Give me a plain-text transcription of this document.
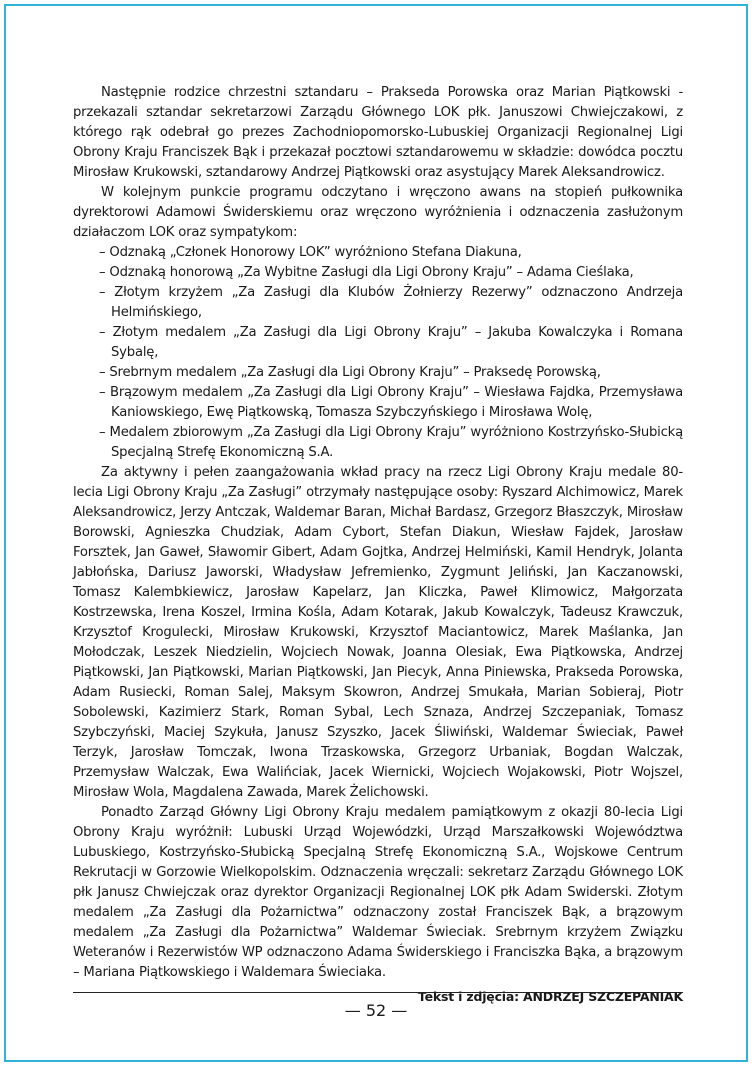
Następnie rodzice chrzestni sztandaru – Prakseda Porowska oraz Marian Piątkowski - przekazali sztandar sekretarzowi Zarządu Głównego LOK płk. Januszowi Chwiejczakowi, z którego rąk odebrał go prezes Zachodniopomorsko-Lubuskiej Organizacji Regionalnej Ligi Obrony Kraju Franciszek Bąk i przekazał pocztowi sztandarowemu w składzie: dowódca pocztu Mirosław Krukowski, sztandarowy Andrzej Piątkowski oraz asystujący Marek Aleksandrowicz.

W kolejnym punkcie programu odczytano i wręczono awans na stopień pułkownika dyrektorowi Adamowi Świderskiemu oraz wręczono wyróżnienia i odznaczenia zasłużonym działaczom LOK oraz sympatykom:

– Odznaką „Członek Honorowy LOK” wyróżniono Stefana Diakuna,
– Odznaką honorową „Za Wybitne Zasługi dla Ligi Obrony Kraju” – Adama Cieślaka,
– Złotym krzyżem „Za Zasługi dla Klubów Żołnierzy Rezerwy” odznaczono Andrzeja Helmińskiego,
– Złotym medalem „Za Zasługi dla Ligi Obrony Kraju” – Jakuba Kowalczyka i Romana Sybalę,
– Srebrnym medalem „Za Zasługi dla Ligi Obrony Kraju” – Praksedę Porowską,
– Brązowym medalem „Za Zasługi dla Ligi Obrony Kraju” – Wiesława Fajdka, Przemysława Kaniowskiego, Ewę Piątkowską, Tomasza Szybczyńskiego i Mirosława Wolę,
– Medalem zbiorowym „Za Zasługi dla Ligi Obrony Kraju” wyróżniono Kostrzyńsko-Słubicką Specjalną Strefę Ekonomiczną S.A.

Za aktywny i pełen zaangażowania wkład pracy na rzecz Ligi Obrony Kraju medale 80-lecia Ligi Obrony Kraju „Za Zasługi” otrzymały następujące osoby: Ryszard Alchimowicz, Marek Aleksandrowicz, Jerzy Antczak, Waldemar Baran, Michał Bardasz, Grzegorz Błaszczyk, Mirosław Borowski, Agnieszka Chudziak, Adam Cybort, Stefan Diakun, Wiesław Fajdek, Jarosław Forsztek, Jan Gaweł, Sławomir Gibert, Adam Gojtka, Andrzej Helmiński, Kamil Hendryk, Jolanta Jabłońska, Dariusz Jaworski, Władysław Jefremienko, Zygmunt Jeliński, Jan Kaczanowski, Tomasz Kalembkiewicz, Jarosław Kapelarz, Jan Kliczka, Paweł Klimowicz, Małgorzata Kostrzewska, Irena Koszel, Irmina Kośla, Adam Kotarak, Jakub Kowalczyk, Tadeusz Krawczuk, Krzysztof Krogulecki, Mirosław Krukowski, Krzysztof Maciantowicz, Marek Maślanka, Jan Mołodczak, Leszek Niedzielin, Wojciech Nowak, Joanna Olesiak, Ewa Piątkowska, Andrzej Piątkowski, Jan Piątkowski, Marian Piątkowski, Jan Piecyk, Anna Piniewska, Prakseda Porowska, Adam Rusiecki, Roman Salej, Maksym Skowron, Andrzej Smukała, Marian Sobieraj, Piotr Sobolewski, Kazimierz Stark, Roman Sybal, Lech Sznaza, Andrzej Szczepaniak, Tomasz Szybczyński, Maciej Szykuła, Janusz Szyszko, Jacek Śliwiński, Waldemar Świeciak, Paweł Terzyk, Jarosław Tomczak, Iwona Trzaskowska, Grzegorz Urbaniak, Bogdan Walczak, Przemysław Walczak, Ewa Walińciak, Jacek Wiernicki, Wojciech Wojakowski, Piotr Wojszel, Mirosław Wola, Magdalena Zawada, Marek Żelichowski.

Ponadto Zarząd Główny Ligi Obrony Kraju medalem pamiątkowym z okazji 80-lecia Ligi Obrony Kraju wyróżnił: Lubuski Urząd Wojewódzki, Urząd Marszałkowski Województwa Lubuskiego, Kostrzyńsko-Słubicką Specjalną Strefę Ekonomiczną S.A., Wojskowe Centrum Rekrutacji w Gorzowie Wielkopolskim. Odznaczenia wręczali: sekretarz Zarządu Głównego LOK płk Janusz Chwiejczak oraz dyrektor Organizacji Regionalnej LOK płk Adam Swiderski. Złotym medalem „Za Zasługi dla Pożarnictwa” odznaczony został Franciszek Bąk, a brązowym medalem „Za Zasługi dla Pożarnictwa” Waldemar Świeciak. Srebrnym krzyżem Związku Weteranów i Rezerwistów WP odznaczono Adama Świderskiego i Franciszka Bąka, a brązowym – Mariana Piątkowskiego i Waldemara Świeciaka.

Tekst i zdjęcia: ANDRZEJ SZCZEPANIAK
— 52 —
